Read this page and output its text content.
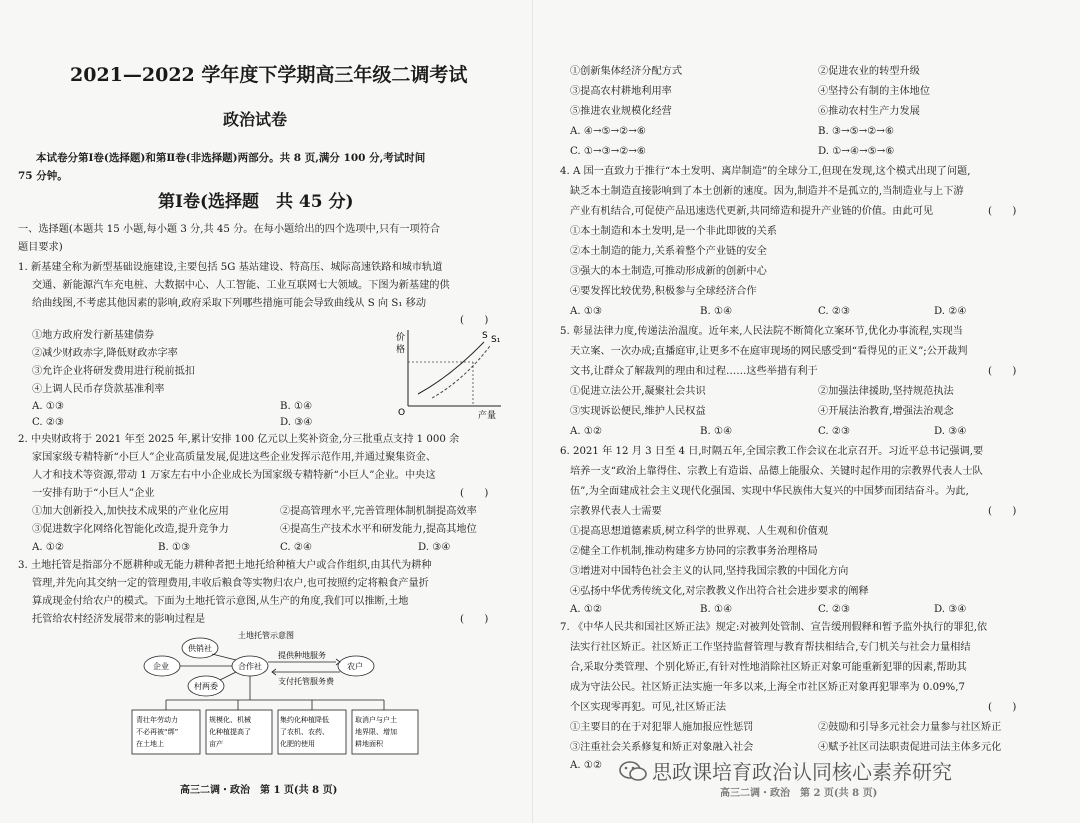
2021—2022 学年度下学期高三年级二调考试
政治试卷
本试卷分第Ⅰ卷(选择题)和第Ⅱ卷(非选择题)两部分。共 8 页,满分 100 分,考试时间
75 分钟。
第Ⅰ卷(选择题　共 45 分)
一、选择题(本题共 15 小题,每小题 3 分,共 45 分。在每小题给出的四个选项中,只有一项符合
题目要求)
1. 新基建全称为新型基础设施建设,主要包括 5G 基站建设、特高压、城际高速铁路和城市轨道
交通、新能源汽车充电桩、大数据中心、人工智能、工业互联网七大领域。下图为新基建的供
给曲线图,不考虑其他因素的影响,政府采取下列哪些措施可能会导致曲线从 S 向 S₁ 移动
(　　)
①地方政府发行新基建债券
②减少财政赤字,降低财政赤字率
③允许企业将研发费用进行税前抵扣
④上调人民币存贷款基准利率
A. ①③	B. ①④
C. ②③	D. ③④
价
格
O	产量
S S₁
2. 中央财政将于 2021 年至 2025 年,累计安排 100 亿元以上奖补资金,分三批重点支持 1 000 余
家国家级专精特新“小巨人”企业高质量发展,促进这些企业发挥示范作用,并通过聚集资金、
人才和技术等资源,带动 1 万家左右中小企业成长为国家级专精特新“小巨人”企业。中央这
一安排有助于“小巨人”企业	(　　)
①加大创新投入,加快技术成果的产业化应用	②提高管理水平,完善管理体制机制提高效率
③促进数字化网络化智能化改造,提升竞争力	④提高生产技术水平和研发能力,提高其地位
A. ①②	B. ①③	C. ②④	D. ③④
3. 土地托管是指部分不愿耕种或无能力耕种者把土地托给种植大户或合作组织,由其代为耕种
管理,并先向其交纳一定的管理费用,丰收后粮食等实物归农户,也可按照约定将粮食产量折
算成现金付给农户的模式。下面为土地托管示意图,从生产的角度,我们可以推断,土地
托管给农村经济发展带来的影响过程是	(　　)
土地托管示意图
供销社
企业
村两委
合作社	农户
提供种地服务
支付托管服务费
青壮年劳动力
不必再被“绑”
在土地上
规模化、机械
化种植提高了
亩产
集约化种植降低
了农机、农药、
化肥的使用
取消户与户土
地界限、增加
耕地面积
高三二调・政治　第 1 页(共 8 页)
①创新集体经济分配方式	②促进农业的转型升级
③提高农村耕地利用率	④坚持公有制的主体地位
⑤推进农业规模化经营	⑥推动农村生产力发展
A. ④→⑤→②→⑥	B. ③→⑤→②→⑥
C. ①→③→②→⑥	D. ①→④→⑤→⑥
4. A 国一直致力于推行“本土发明、离岸制造”的全球分工,但现在发现,这个模式出现了问题,
缺乏本土制造直接影响到了本土创新的速度。因为,制造并不是孤立的,当制造业与上下游
产业有机结合,可促使产品迅速迭代更新,共同缔造和提升产业链的价值。由此可见	(　　)
①本土制造和本土发明,是一个非此即彼的关系
②本土制造的能力,关系着整个产业链的安全
③强大的本土制造,可推动形成新的创新中心
④要发挥比较优势,积极参与全球经济合作
A. ①③	B. ①④	C. ②③	D. ②④
5. 彰显法律力度,传递法治温度。近年来,人民法院不断简化立案环节,优化办事流程,实现当
天立案、一次办成;直播庭审,让更多不在庭审现场的网民感受到“看得见的正义”;公开裁判
文书,让群众了解裁判的理由和过程……这些举措有利于	(　　)
①促进立法公开,凝聚社会共识	②加强法律援助,坚持规范执法
③实现诉讼便民,维护人民权益	④开展法治教育,增强法治观念
A. ①②	B. ①④	C. ②③	D. ③④
6. 2021 年 12 月 3 日至 4 日,时隔五年,全国宗教工作会议在北京召开。习近平总书记强调,要
培养一支“政治上靠得住、宗教上有造诣、品德上能服众、关键时起作用的宗教界代表人士队
伍”,为全面建成社会主义现代化强国、实现中华民族伟大复兴的中国梦而团结奋斗。为此,
宗教界代表人士需要	(　　)
①提高思想道德素质,树立科学的世界观、人生观和价值观
②健全工作机制,推动构建多方协同的宗教事务治理格局
③增进对中国特色社会主义的认同,坚持我国宗教的中国化方向
④弘扬中华优秀传统文化,对宗教教义作出符合社会进步要求的阐释
A. ①②	B. ①④	C. ②③	D. ③④
7. 《中华人民共和国社区矫正法》规定:对被判处管制、宣告缓刑假释和暂予监外执行的罪犯,依
法实行社区矫正。社区矫正工作坚持监督管理与教育帮扶相结合,专门机关与社会力量相结
合,采取分类管理、个别化矫正,有针对性地消除社区矫正对象可能重新犯罪的因素,帮助其
成为守法公民。社区矫正法实施一年多以来,上海全市社区矫正对象再犯罪率为 0.09%,7
个区实现零再犯。可见,社区矫正法	(　　)
①主要目的在于对犯罪人施加报应性惩罚	②鼓励和引导多元社会力量参与社区矫正
③注重社会关系修复和矫正对象融入社会	④赋予社区司法职责促进司法主体多元化
A. ①②
高三二调・政治　第 2 页(共 8 页)
思政课培育政治认同核心素养研究
